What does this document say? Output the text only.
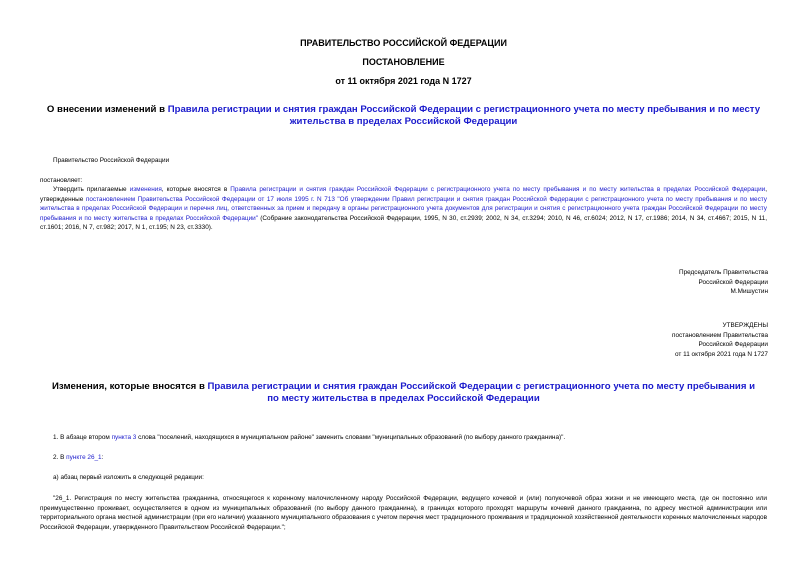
ПРАВИТЕЛЬСТВО РОССИЙСКОЙ ФЕДЕРАЦИИ
ПОСТАНОВЛЕНИЕ
от 11 октября 2021 года N 1727
О внесении изменений в Правила регистрации и снятия граждан Российской Федерации с регистрационного учета по месту пребывания и по месту жительства в пределах Российской Федерации
Правительство Российской Федерации
постановляет:
Утвердить прилагаемые изменения, которые вносятся в Правила регистрации и снятия граждан Российской Федерации с регистрационного учета по месту пребывания и по месту жительства в пределах Российской Федерации, утвержденные постановлением Правительства Российской Федерации от 17 июля 1995 г. N 713 "Об утверждении Правил регистрации и снятия граждан Российской Федерации с регистрационного учета по месту пребывания и по месту жительства в пределах Российской Федерации и перечня лиц, ответственных за прием и передачу в органы регистрационного учета документов для регистрации и снятия с регистрационного учета граждан Российской Федерации по месту пребывания и по месту жительства в пределах Российской Федерации" (Собрание законодательства Российской Федерации, 1995, N 30, ст.2939; 2002, N 34, ст.3294; 2010, N 46, ст.6024; 2012, N 17, ст.1986; 2014, N 34, ст.4667; 2015, N 11, ст.1601; 2016, N 7, ст.982; 2017, N 1, ст.195; N 23, ст.3330).
Председатель Правительства
Российской Федерации
М.Мишустин
УТВЕРЖДЕНЫ
постановлением Правительства
Российской Федерации
от 11 октября 2021 года N 1727
Изменения, которые вносятся в Правила регистрации и снятия граждан Российской Федерации с регистрационного учета по месту пребывания и по месту жительства в пределах Российской Федерации
1. В абзаце втором пункта 3 слова "поселений, находящихся в муниципальном районе" заменить словами "муниципальных образований (по выбору данного гражданина)".
2. В пункте 26_1:
а) абзац первый изложить в следующей редакции:
"26_1. Регистрация по месту жительства гражданина, относящегося к коренному малочисленному народу Российской Федерации, ведущего кочевой и (или) полукочевой образ жизни и не имеющего места, где он постоянно или преимущественно проживает, осуществляется в одном из муниципальных образований (по выбору данного гражданина), в границах которого проходят маршруты кочевий данного гражданина, по адресу местной администрации или территориального органа местной администрации (при его наличии) указанного муниципального образования с учетом перечня мест традиционного проживания и традиционной хозяйственной деятельности коренных малочисленных народов Российской Федерации, утвержденного Правительством Российской Федерации.";
